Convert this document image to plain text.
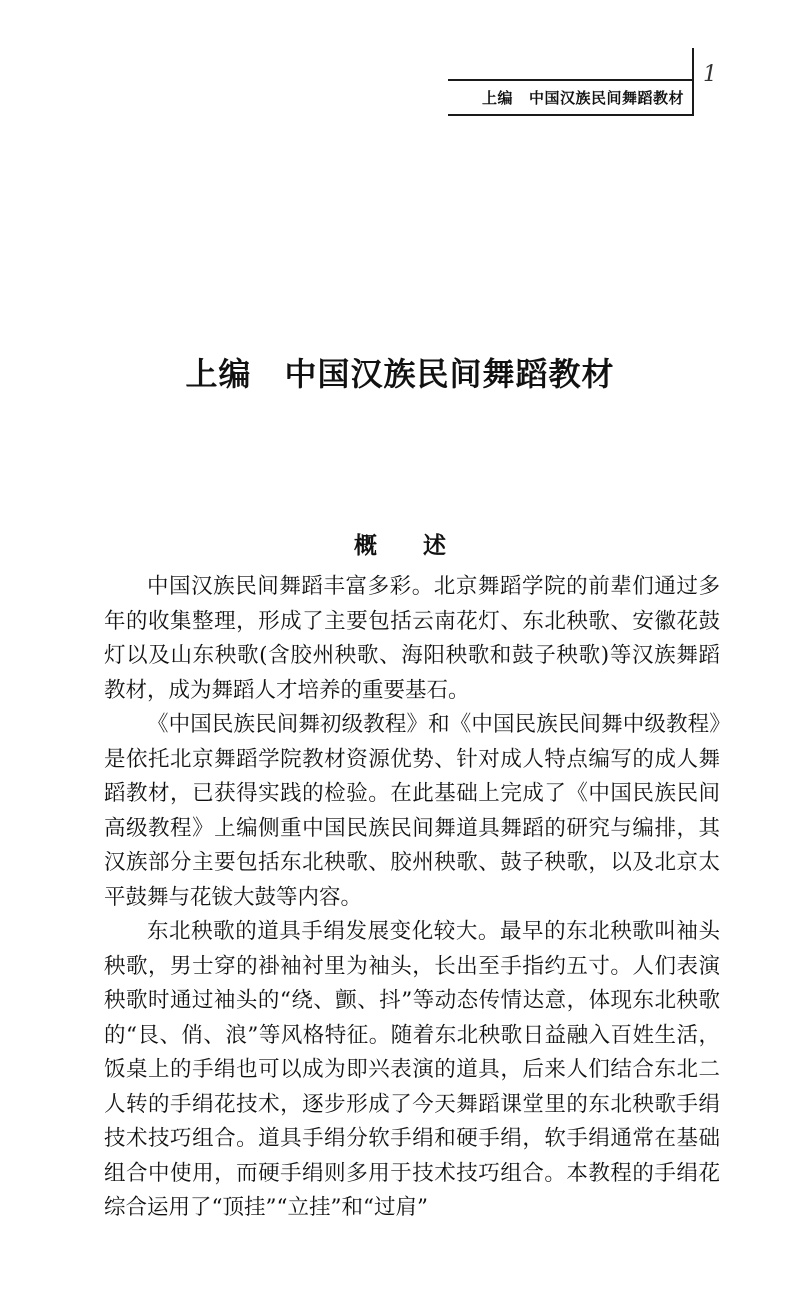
上编 中国汉族民间舞蹈教材
1
上编　中国汉族民间舞蹈教材
概　　述

中国汉族民间舞蹈丰富多彩。北京舞蹈学院的前辈们通过多年的收集整理，形成了主要包括云南花灯、东北秧歌、安徽花鼓灯以及山东秧歌(含胶州秧歌、海阳秧歌和鼓子秧歌)等汉族舞蹈教材，成为舞蹈人才培养的重要基石。

《中国民族民间舞初级教程》和《中国民族民间舞中级教程》是依托北京舞蹈学院教材资源优势、针对成人特点编写的成人舞蹈教材，已获得实践的检验。在此基础上完成了《中国民族民间高级教程》上编侧重中国民族民间舞道具舞蹈的研究与编排，其汉族部分主要包括东北秧歌、胶州秧歌、鼓子秧歌，以及北京太平鼓舞与花钹大鼓等内容。

东北秧歌的道具手绢发展变化较大。最早的东北秧歌叫袖头秧歌，男士穿的褂袖衬里为袖头，长出至手指约五寸。人们表演秧歌时通过袖头的“绕、颤、抖”等动态传情达意，体现东北秧歌的“艮、俏、浪”等风格特征。随着东北秧歌日益融入百姓生活，饭桌上的手绢也可以成为即兴表演的道具，后来人们结合东北二人转的手绢花技术，逐步形成了今天舞蹈课堂里的东北秧歌手绢技术技巧组合。道具手绢分软手绢和硬手绢，软手绢通常在基础组合中使用，而硬手绢则多用于技术技巧组合。本教程的手绢花综合运用了“顶挂”“立挂”和“过肩”
